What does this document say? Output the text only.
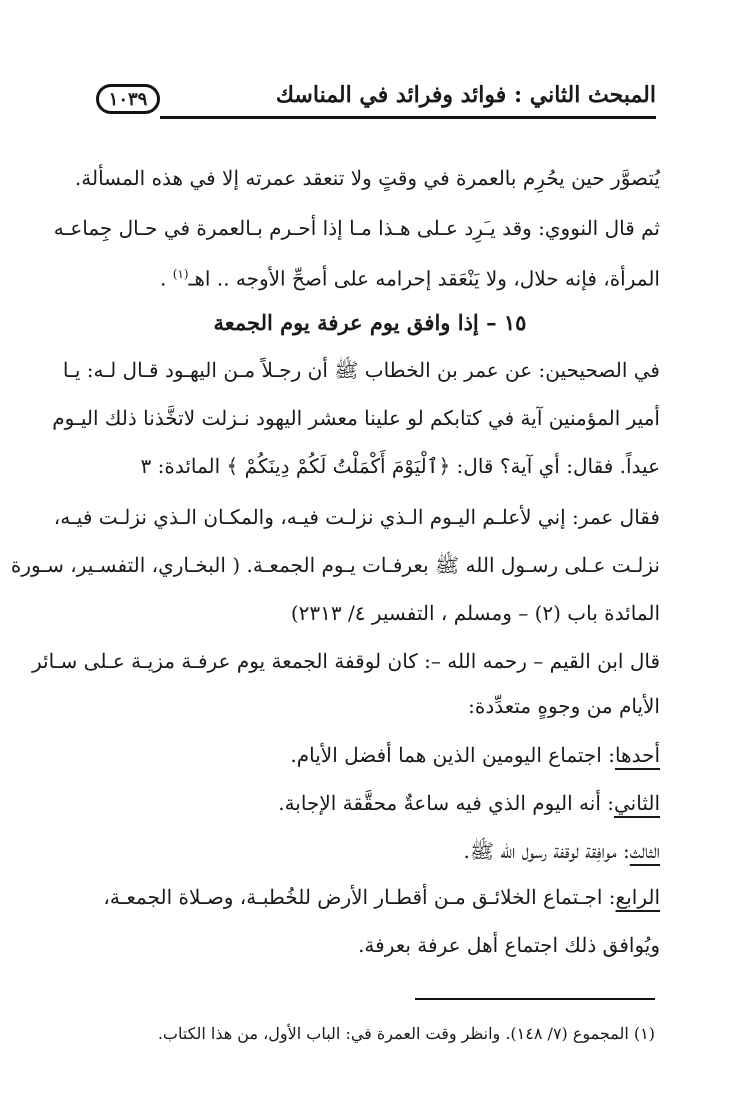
المبحث الثاني : فوائد وفرائد في المناسك
١٠٣٩
يُتصوَّر حين يحُرِم بالعمرة في وقتٍ ولا تنعقد عمرته إلا في هذه المسألة.
ثم قال النووي: وقد يـَرِد عـلى هـذا مـا إذا أحـرم بـالعمرة في حـال جِماعـه
المرأة، فإنه حلال، ولا يَنْعَقد إحرامه على أصحِّ الأوجه .. اهـ$^{(١)}$ .
١٥ – إذا وافق يوم عرفة يوم الجمعة
في الصحيحين: عن عمر بن الخطاب ﷺ أن رجـلاً مـن اليهـود قـال لـه: يـا
أمير المؤمنين آية في كتابكم لو علينا معشر اليهود نـزلت لاتخَّذنا ذلك اليـوم
عيداً. فقال: أي آية؟ قال: ﴿ٱلْيَوْمَ أَكْمَلْتُ لَكُمْ دِينَكُمْ ﴾ المائدة: ٣
فقال عمر: إني لأعلـم اليـوم الـذي نزلـت فيـه، والمكـان الـذي نزلـت فيـه،
نزلـت عـلى رسـول الله ﷺ بعرفـات يـوم الجمعـة. ( البخـاري، التفسـير، سـورة
المائدة باب (٢) – ومسلم ، التفسير ٤/ ٢٣١٣)
قال ابن القيم – رحمه الله –: كان لوقفة الجمعة يوم عرفـة مزيـة عـلى سـائر
الأيام من وجوهٍ متعدِّدة:
أحدها: اجتماع اليومين الذين هما أفضل الأيام.
الثاني: أنه اليوم الذي فيه ساعةٌ محقَّقة الإجابة.
الثالث: موافِقة لوقفة رسول الله ﷺ.
الرابع: اجـتماع الخلائـق مـن أقطـار الأرض للخُطبـة، وصـلاة الجمعـة،
ويُوافق ذلك اجتماع أهل عرفة بعرفة.
(١) المجموع (٧/ ١٤٨). وانظر وقت العمرة في: الباب الأول، من هذا الكتاب.
